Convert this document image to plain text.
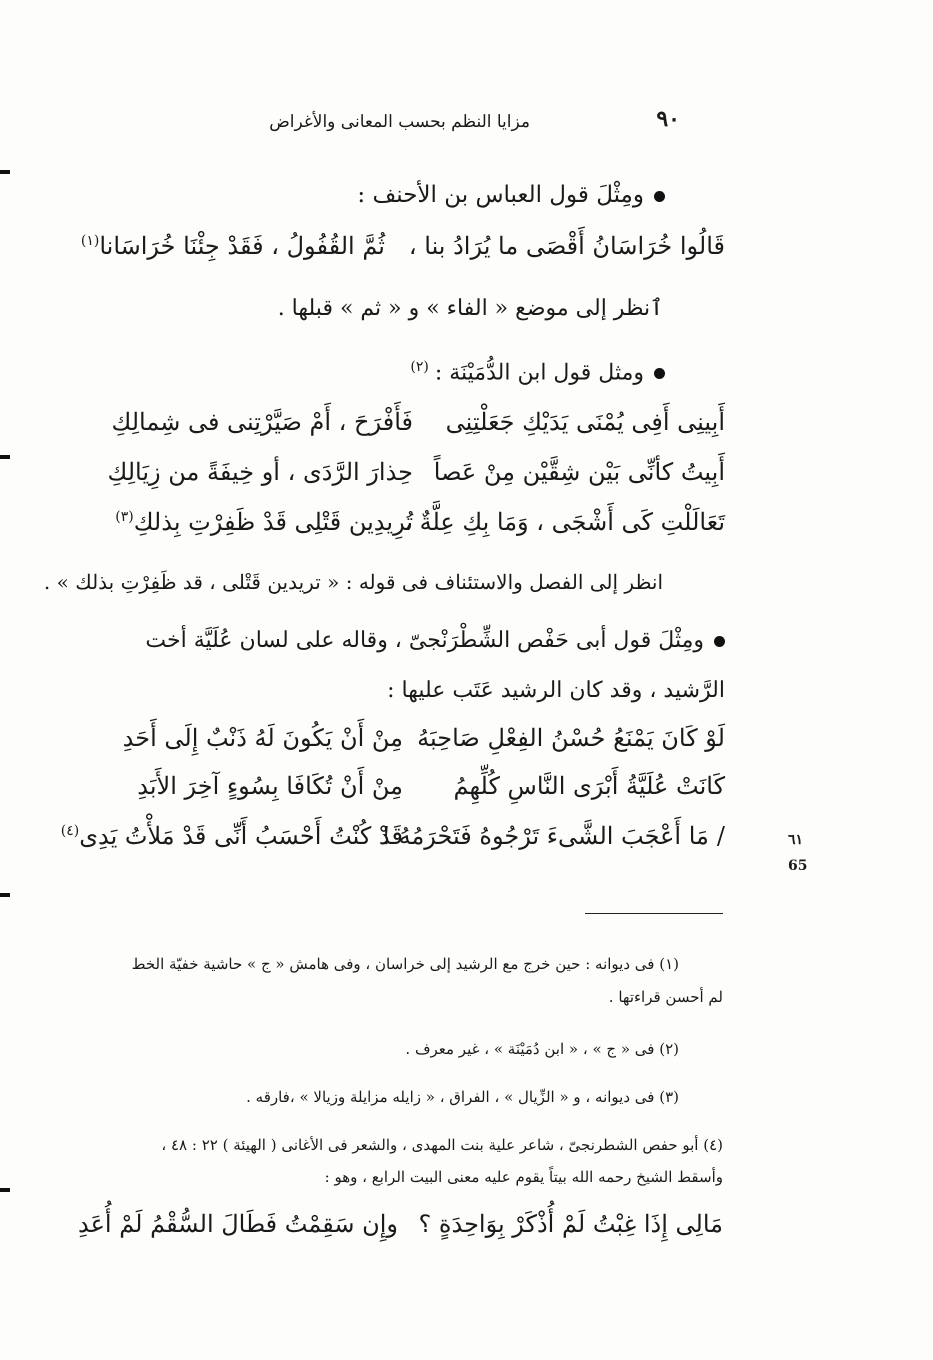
٩٠
مزايا النظم بحسب المعانى والأغراض
ومِثْلَ قول العباس بن الأحنف :
قَالُوا خُرَاسَانُ أَقْصَى ما يُرَادُ بنا ،
ثُمَّ القُفُولُ ، فَقَدْ جِئْنَا خُرَاسَانا$^{(١)}$
ٱنظر إلى موضع « الفاء » و « ثم » قبلها .
ومثل قول ابن الدُّمَيْنَة :$^{(٢)}$
أَبِينِى أَفِى يُمْنَى يَدَيْكِ جَعَلْتِنِى
فَأَفْرَحَ ، أَمْ صَيَّرْتِنى فى شِمالِكِ
أَبِيتُ كأنِّى بَيْن شِقَّيْن مِنْ عَصاً
حِذارَ الرَّدَى ، أو خِيفَةً من زِيَالِكِ
تَعَالَلْتِ كَى أَشْجَى ، وَمَا بِكِ عِلَّةٌ ،
تُرِيدِين قَتْلِى قَدْ ظَفِرْتِ بِذلكِ$^{(٣)}$
انظر إلى الفصل والاستئناف فى قوله : « تريدين قَتْلى ، قد ظَفِرْتِ بذلك » .
ومِثْلَ قول أبى حَفْص الشِّطْرَنْجىّ ، وقاله على لسان عُلَيَّة أخت
الرَّشيد ، وقد كان الرشيد عَتَب عليها :
لَوْ كَانَ يَمْنَعُ حُسْنُ الفِعْلِ صَاحِبَهُ
مِنْ أَنْ يَكُونَ لَهُ ذَنْبٌ إِلَى أَحَدِ
كَانَتْ عُلَيَّةُ أَبْرَى النَّاسِ كُلِّهِمُ
مِنْ أَنْ تُكَافَا بِسُوءٍ آخِرَ الأَبَدِ
/مَا أَعْجَبَ الشَّىءَ تَرْجُوهُ فَتَحْرَمُهُ !
قَدْ كُنْتُ أَحْسَبُ أَنِّى قَدْ مَلأْتُ يَدِى$^{(٤)}$
٦١
65
(١) فى ديوانه : حين خرج مع الرشيد إلى خراسان ، وفى هامش « ج » حاشية خفيّة الخط
لم أحسن قراءتها .
(٢) فى « ج » ، « ابن دُمَيْنَة » ، غير معرف .
(٣) فى ديوانه ، و « الزِّيال » ، الفراق ، « زايله مزايلة وزيالا » ،فارقه .
(٤) أبو حفص الشطرنجىّ ، شاعر علية بنت المهدى ، والشعر فى الأغانى ( الهيئة ) ٢٢ : ٤٨ ،
وأسقط الشيخ رحمه الله بيتاً يقوم عليه معنى البيت الرابع ، وهو :
مَالِى إِذَا غِبْتُ لَمْ أُذْكَرْ بِوَاحِدَةٍ ؟
وإِن سَقِمْتُ فَطَالَ السُّقْمُ لَمْ أُعَدِ
